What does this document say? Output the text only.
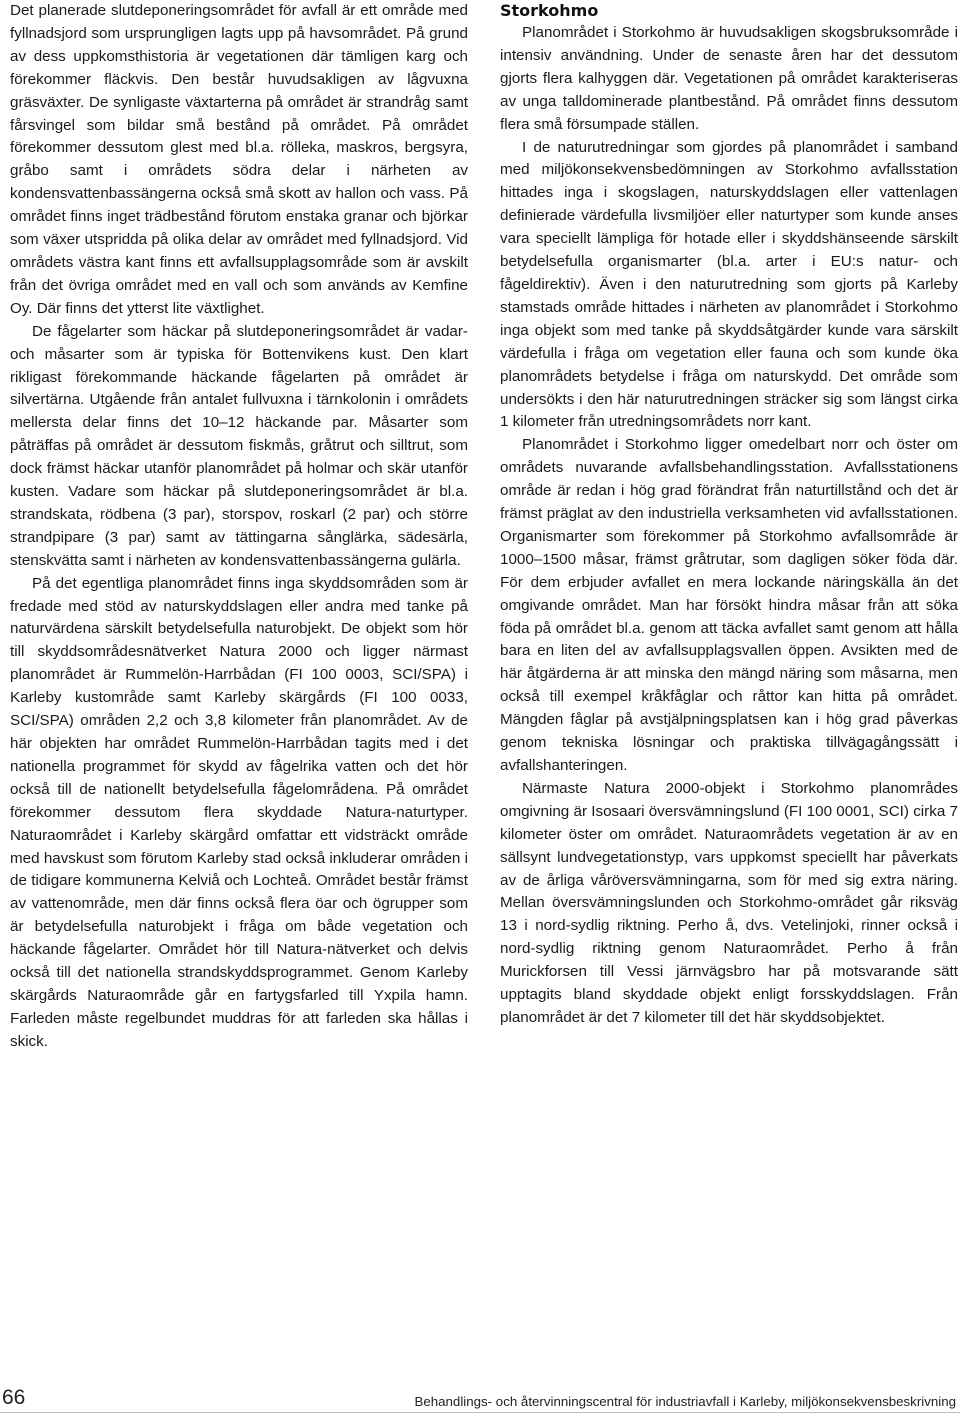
Det planerade slutdeponeringsområdet för avfall är ett område med fyllnadsjord som ursprungligen lagts upp på havsområdet. På grund av dess uppkomsthistoria är vegetationen där tämligen karg och förekommer fläckvis. Den består huvudsakligen av lågvuxna gräsväxter. De synligaste växtarterna på området är strandråg samt fårsvingel som bildar små bestånd på området. På området förekommer dessutom glest med bl.a. rölleka, maskros, bergsyra, gråbo samt i områdets södra delar i närheten av kondensvattenbassängerna också små skott av hallon och vass. På området finns inget trädbestånd förutom enstaka granar och björkar som växer utspridda på olika delar av området med fyllnadsjord. Vid områdets västra kant finns ett avfallsupplagsområde som är avskilt från det övriga området med en vall och som används av Kemfine Oy. Där finns det ytterst lite växtlighet.

De fågelarter som häckar på slutdeponeringsområdet är vadar- och måsarter som är typiska för Bottenvikens kust. Den klart rikligast förekommande häckande fågelarten på området är silvertärna. Utgående från antalet fullvuxna i tärnkolonin i områdets mellersta delar finns det 10–12 häckande par. Måsarter som påträffas på området är dessutom fiskmås, gråtrut och silltrut, som dock främst häckar utanför planområdet på holmar och skär utanför kusten. Vadare som häckar på slutdeponeringsområdet är bl.a. strandskata, rödbena (3 par), storspov, roskarl (2 par) och större strandpipare (3 par) samt av tättingarna sånglärka, sädesärla, stenskvätta samt i närheten av kondensvattenbassängerna gulärla.

På det egentliga planområdet finns inga skyddsområden som är fredade med stöd av naturskyddslagen eller andra med tanke på naturvärdena särskilt betydelsefulla naturobjekt. De objekt som hör till skyddsområdesnätverket Natura 2000 och ligger närmast planområdet är Rummelön-Harrbådan (FI 100 0003, SCI/SPA) i Karleby kustområde samt Karleby skärgårds (FI 100 0033, SCI/SPA) områden 2,2 och 3,8 kilometer från planområdet. Av de här objekten har området Rummelön-Harrbådan tagits med i det nationella programmet för skydd av fågelrika vatten och det hör också till de nationellt betydelsefulla fågelområdena. På området förekommer dessutom flera skyddade Natura-naturtyper. Naturaområdet i Karleby skärgård omfattar ett vidsträckt område med havskust som förutom Karleby stad också inkluderar områden i de tidigare kommunerna Kelviå och Lochteå. Området består främst av vattenområde, men där finns också flera öar och ögrupper som är betydelsefulla naturobjekt i fråga om både vegetation och häckande fågelarter. Området hör till Natura-nätverket och delvis också till det nationella strandskyddsprogrammet. Genom Karleby skärgårds Naturaområde går en fartygsfarled till Yxpila hamn. Farleden måste regelbundet muddras för att farleden ska hållas i skick.

Storkohmo

Planområdet i Storkohmo är huvudsakligen skogsbruksområde i intensiv användning. Under de senaste åren har det dessutom gjorts flera kalhyggen där. Vegetationen på området karakteriseras av unga talldominerade plantbestånd. På området finns dessutom flera små försumpade ställen.

I de naturutredningar som gjordes på planområdet i samband med miljökonsekvensbedömningen av Storkohmo avfallsstation hittades inga i skogslagen, naturskyddslagen eller vattenlagen definierade värdefulla livsmiljöer eller naturtyper som kunde anses vara speciellt lämpliga för hotade eller i skyddshänseende särskilt betydelsefulla organismarter (bl.a. arter i EU:s natur- och fågeldirektiv). Även i den naturutredning som gjorts på Karleby stamstads område hittades i närheten av planområdet i Storkohmo inga objekt som med tanke på skyddsåtgärder kunde vara särskilt värdefulla i fråga om vegetation eller fauna och som kunde öka planområdets betydelse i fråga om naturskydd. Det område som undersökts i den här naturutredningen sträcker sig som längst cirka 1 kilometer från utredningsområdets norr kant.

Planområdet i Storkohmo ligger omedelbart norr och öster om områdets nuvarande avfallsbehandlingsstation. Avfallsstationens område är redan i hög grad förändrat från naturtillstånd och det är främst präglat av den industriella verksamheten vid avfallsstationen. Organismarter som förekommer på Storkohmo avfallsområde är 1000–1500 måsar, främst gråtrutar, som dagligen söker föda där. För dem erbjuder avfallet en mera lockande näringskälla än det omgivande området. Man har försökt hindra måsar från att söka föda på området bl.a. genom att täcka avfallet samt genom att hålla bara en liten del av avfallsupplagsvallen öppen. Avsikten med de här åtgärderna är att minska den mängd näring som måsarna, men också till exempel kråkfåglar och råttor kan hitta på området. Mängden fåglar på avstjälpningsplatsen kan i hög grad påverkas genom tekniska lösningar och praktiska tillvägagångssätt i avfallshanteringen.

Närmaste Natura 2000-objekt i Storkohmo planområdes omgivning är Isosaari översvämningslund (FI 100 0001, SCI) cirka 7 kilometer öster om området. Naturaområdets vegetation är av en sällsynt lundvegetationstyp, vars uppkomst speciellt har påverkats av de årliga våröversvämningarna, som för med sig extra näring. Mellan översvämningslunden och Storkohmo-området går riksväg 13 i nord-sydlig riktning. Perho å, dvs. Vetelinjoki, rinner också i nord-sydlig riktning genom Naturaområdet. Perho å från Murickforsen till Vessi järnvägsbro har på motsvarande sätt upptagits bland skyddade objekt enligt forsskyddslagen. Från planområdet är det 7 kilometer till det här skyddsobjektet.

66	Behandlings- och återvinningscentral för industriavfall i Karleby, miljökonsekvensbeskrivning
